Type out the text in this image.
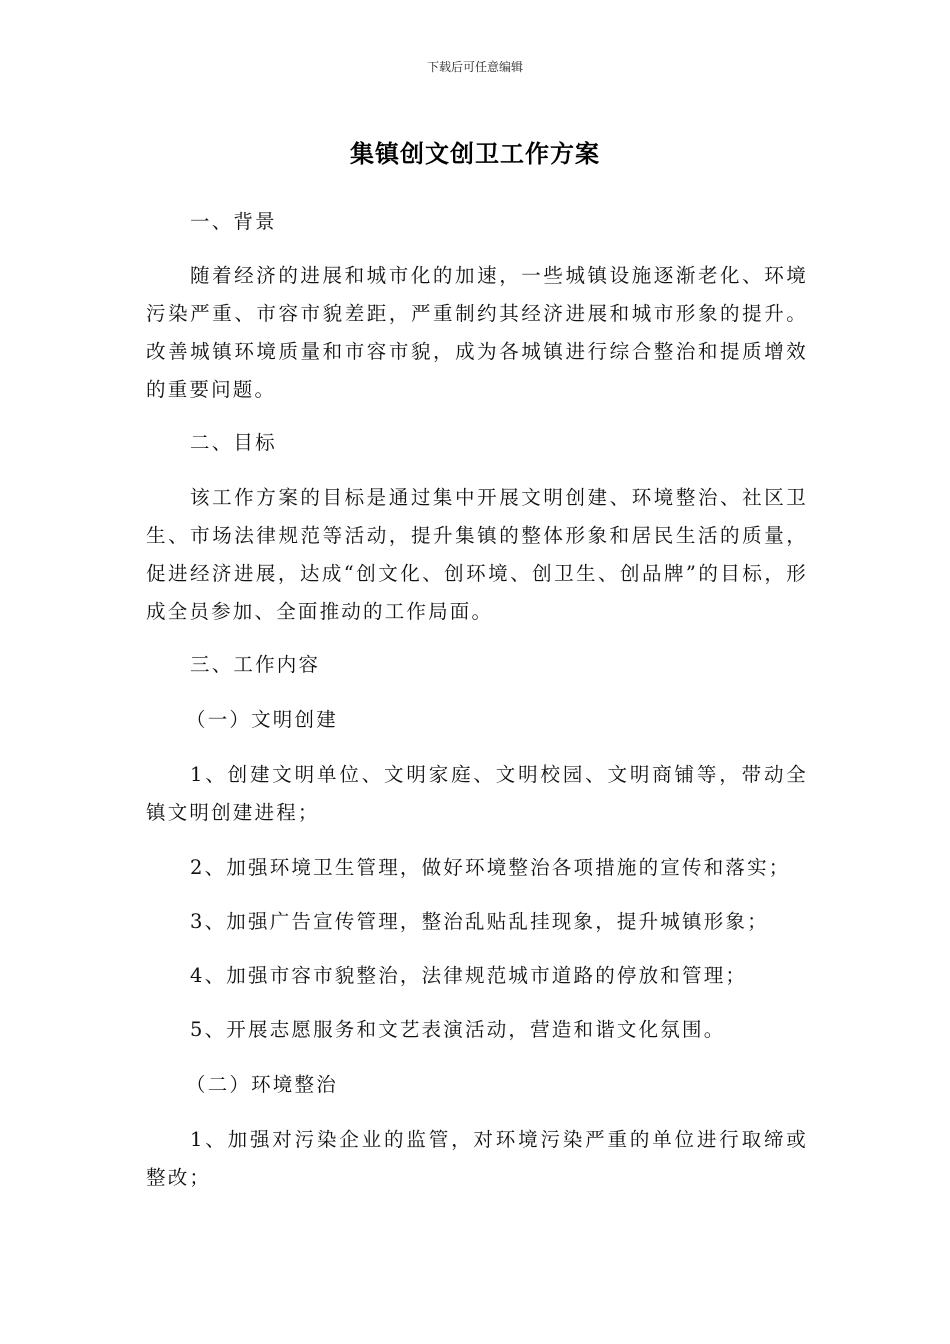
下载后可任意编辑
集镇创文创卫工作方案

一、背景

随着经济的进展和城市化的加速，一些城镇设施逐渐老化、环境污染严重、市容市貌差距，严重制约其经济进展和城市形象的提升。改善城镇环境质量和市容市貌，成为各城镇进行综合整治和提质增效的重要问题。

二、目标

该工作方案的目标是通过集中开展文明创建、环境整治、社区卫生、市场法律规范等活动，提升集镇的整体形象和居民生活的质量，促进经济进展，达成“创文化、创环境、创卫生、创品牌”的目标，形成全员参加、全面推动的工作局面。

三、工作内容

（一）文明创建

1、创建文明单位、文明家庭、文明校园、文明商铺等，带动全镇文明创建进程；

2、加强环境卫生管理，做好环境整治各项措施的宣传和落实；

3、加强广告宣传管理，整治乱贴乱挂现象，提升城镇形象；

4、加强市容市貌整治，法律规范城市道路的停放和管理；

5、开展志愿服务和文艺表演活动，营造和谐文化氛围。

（二）环境整治

1、加强对污染企业的监管，对环境污染严重的单位进行取缔或整改；
